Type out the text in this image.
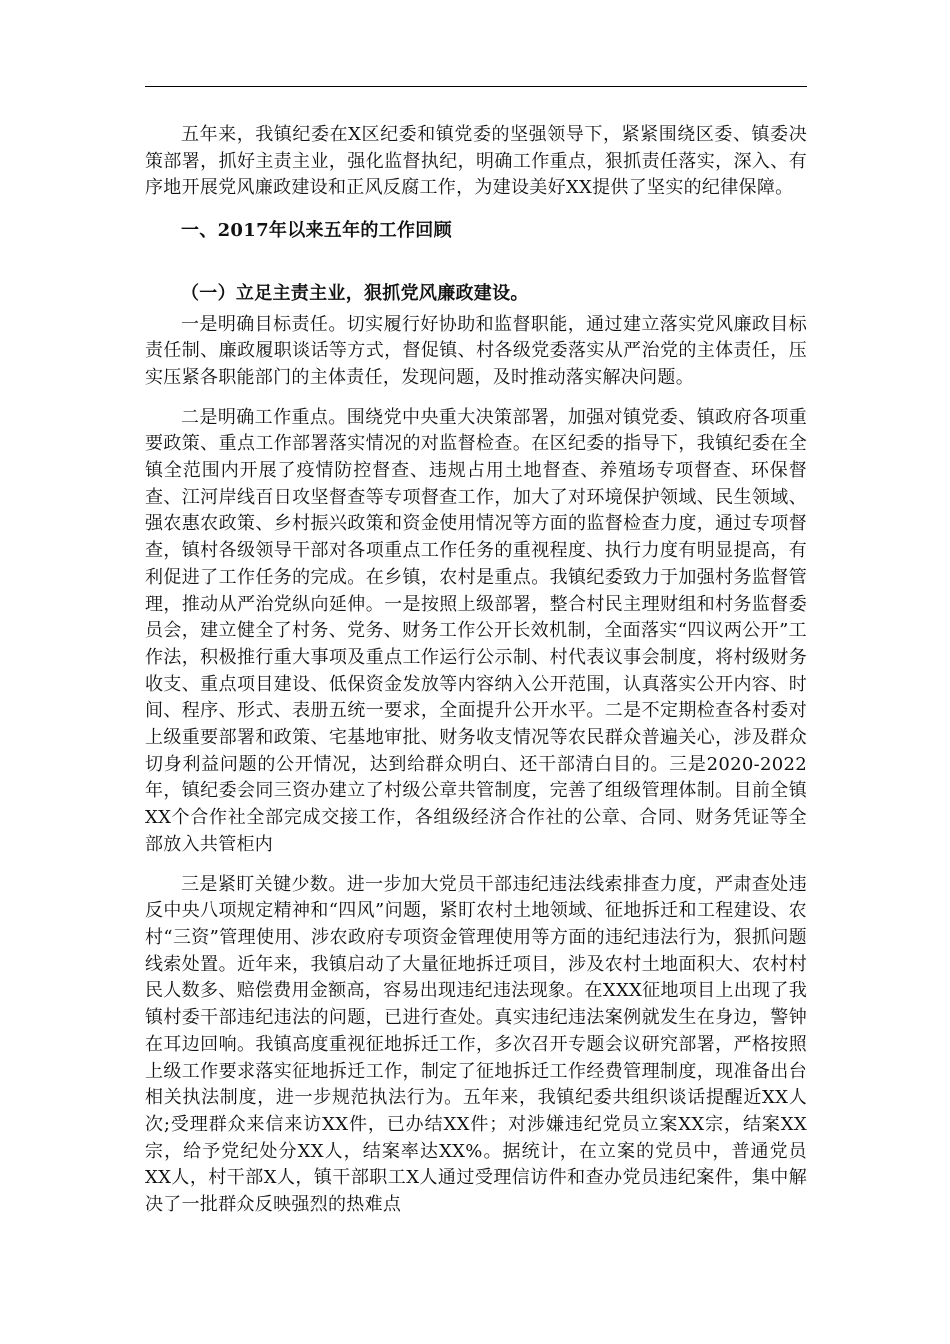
五年来，我镇纪委在X区纪委和镇党委的坚强领导下，紧紧围绕区委、镇委决策部署，抓好主责主业，强化监督执纪，明确工作重点，狠抓责任落实，深入、有序地开展党风廉政建设和正风反腐工作，为建设美好XX提供了坚实的纪律保障。

一、2017年以来五年的工作回顾

（一）立足主责主业，狠抓党风廉政建设。

一是明确目标责任。切实履行好协助和监督职能，通过建立落实党风廉政目标责任制、廉政履职谈话等方式，督促镇、村各级党委落实从严治党的主体责任，压实压紧各职能部门的主体责任，发现问题，及时推动落实解决问题。

二是明确工作重点。围绕党中央重大决策部署，加强对镇党委、镇政府各项重要政策、重点工作部署落实情况的对监督检查。在区纪委的指导下，我镇纪委在全镇全范围内开展了疫情防控督查、违规占用土地督查、养殖场专项督查、环保督查、江河岸线百日攻坚督查等专项督查工作，加大了对环境保护领域、民生领域、强农惠农政策、乡村振兴政策和资金使用情况等方面的监督检查力度，通过专项督查，镇村各级领导干部对各项重点工作任务的重视程度、执行力度有明显提高，有利促进了工作任务的完成。在乡镇，农村是重点。我镇纪委致力于加强村务监督管理，推动从严治党纵向延伸。一是按照上级部署，整合村民主理财组和村务监督委员会，建立健全了村务、党务、财务工作公开长效机制，全面落实“四议两公开”工作法，积极推行重大事项及重点工作运行公示制、村代表议事会制度，将村级财务收支、重点项目建设、低保资金发放等内容纳入公开范围，认真落实公开内容、时间、程序、形式、表册五统一要求，全面提升公开水平。二是不定期检查各村委对上级重要部署和政策、宅基地审批、财务收支情况等农民群众普遍关心，涉及群众切身利益问题的公开情况，达到给群众明白、还干部清白目的。三是2020-2022年，镇纪委会同三资办建立了村级公章共管制度，完善了组级管理体制。目前全镇XX个合作社全部完成交接工作，各组级经济合作社的公章、合同、财务凭证等全部放入共管柜内

三是紧盯关键少数。进一步加大党员干部违纪违法线索排查力度，严肃查处违反中央八项规定精神和“四风”问题，紧盯农村土地领域、征地拆迁和工程建设、农村“三资”管理使用、涉农政府专项资金管理使用等方面的违纪违法行为，狠抓问题线索处置。近年来，我镇启动了大量征地拆迁项目，涉及农村土地面积大、农村村民人数多、赔偿费用金额高，容易出现违纪违法现象。在XXX征地项目上出现了我镇村委干部违纪违法的问题，已进行查处。真实违纪违法案例就发生在身边，警钟在耳边回响。我镇高度重视征地拆迁工作，多次召开专题会议研究部署，严格按照上级工作要求落实征地拆迁工作，制定了征地拆迁工作经费管理制度，现准备出台相关执法制度，进一步规范执法行为。五年来，我镇纪委共组织谈话提醒近XX人次;受理群众来信来访XX件，已办结XX件；对涉嫌违纪党员立案XX宗，结案XX宗，给予党纪处分XX人，结案率达XX%。据统计，在立案的党员中，普通党员XX人，村干部X人，镇干部职工X人通过受理信访件和查办党员违纪案件，集中解决了一批群众反映强烈的热难点
